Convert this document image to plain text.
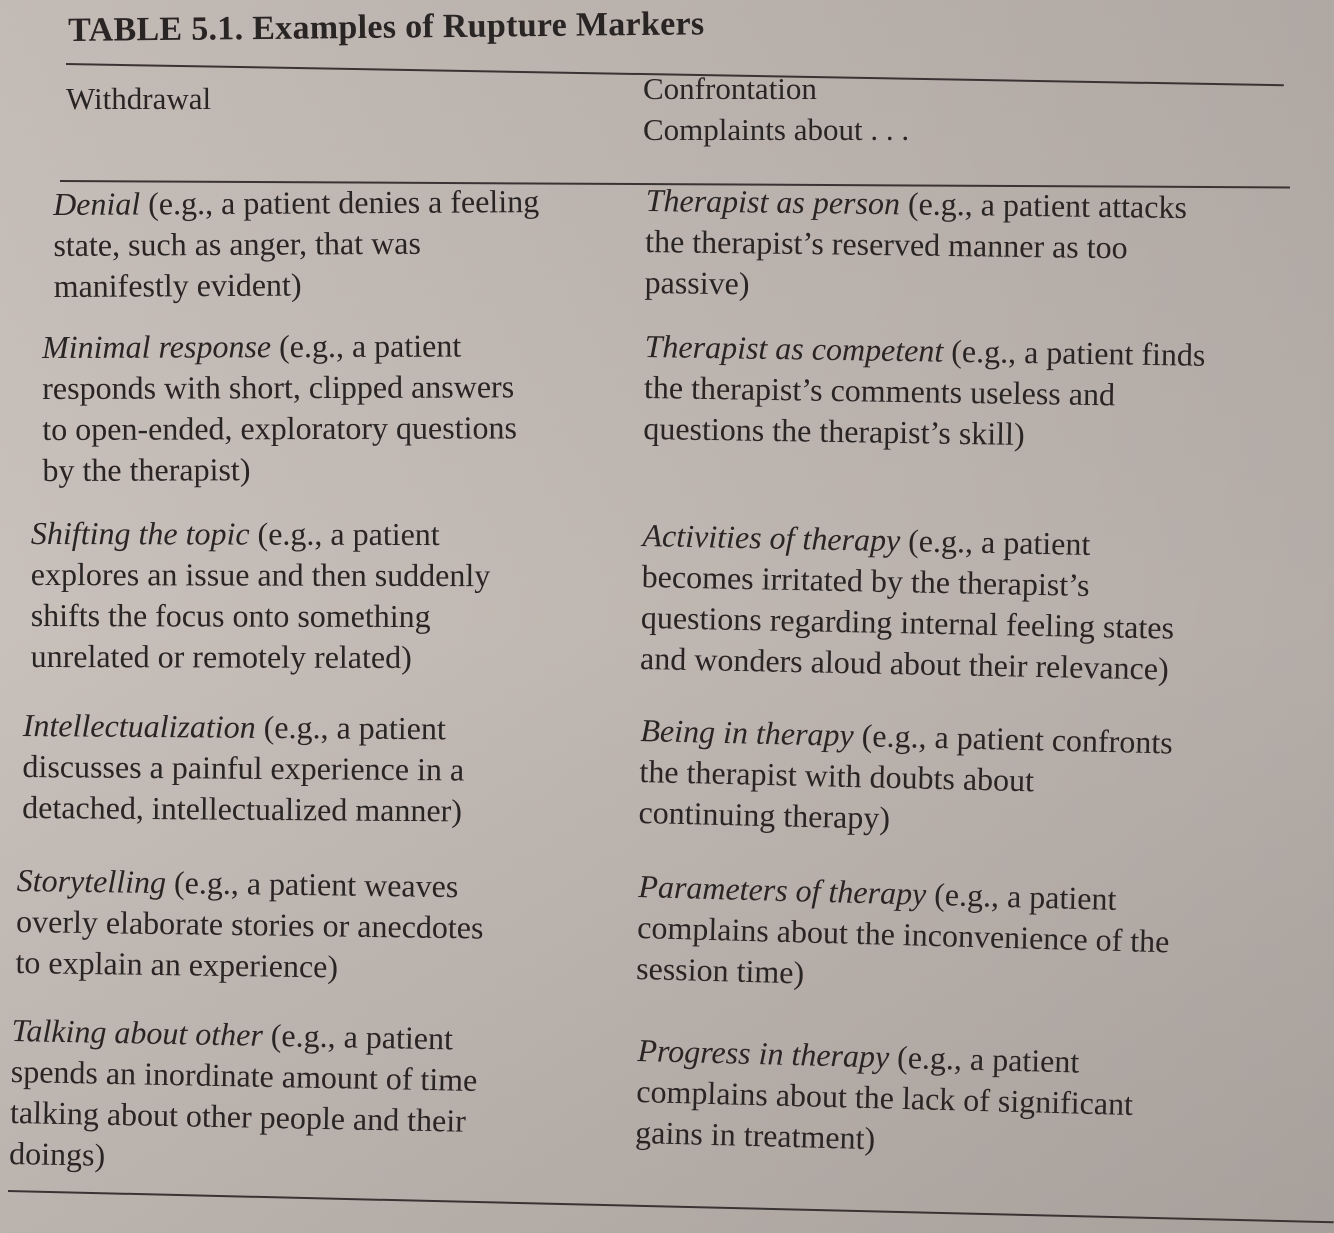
TABLE 5.1. Examples of Rupture Markers
Withdrawal	Confrontation
Complaints about . . .

Denial (e.g., a patient denies a feeling
state, such as anger, that was
manifestly evident)

Minimal response (e.g., a patient
responds with short, clipped answers
to open-ended, exploratory questions
by the therapist)

Shifting the topic (e.g., a patient
explores an issue and then suddenly
shifts the focus onto something
unrelated or remotely related)

Intellectualization (e.g., a patient
discusses a painful experience in a
detached, intellectualized manner)

Storytelling (e.g., a patient weaves
overly elaborate stories or anecdotes
to explain an experience)

Talking about other (e.g., a patient
spends an inordinate amount of time
talking about other people and their
doings)

Therapist as person (e.g., a patient attacks
the therapist’s reserved manner as too
passive)

Therapist as competent (e.g., a patient finds
the therapist’s comments useless and
questions the therapist’s skill)

Activities of therapy (e.g., a patient
becomes irritated by the therapist’s
questions regarding internal feeling states
and wonders aloud about their relevance)

Being in therapy (e.g., a patient confronts
the therapist with doubts about
continuing therapy)

Parameters of therapy (e.g., a patient
complains about the inconvenience of the
session time)

Progress in therapy (e.g., a patient
complains about the lack of significant
gains in treatment)
